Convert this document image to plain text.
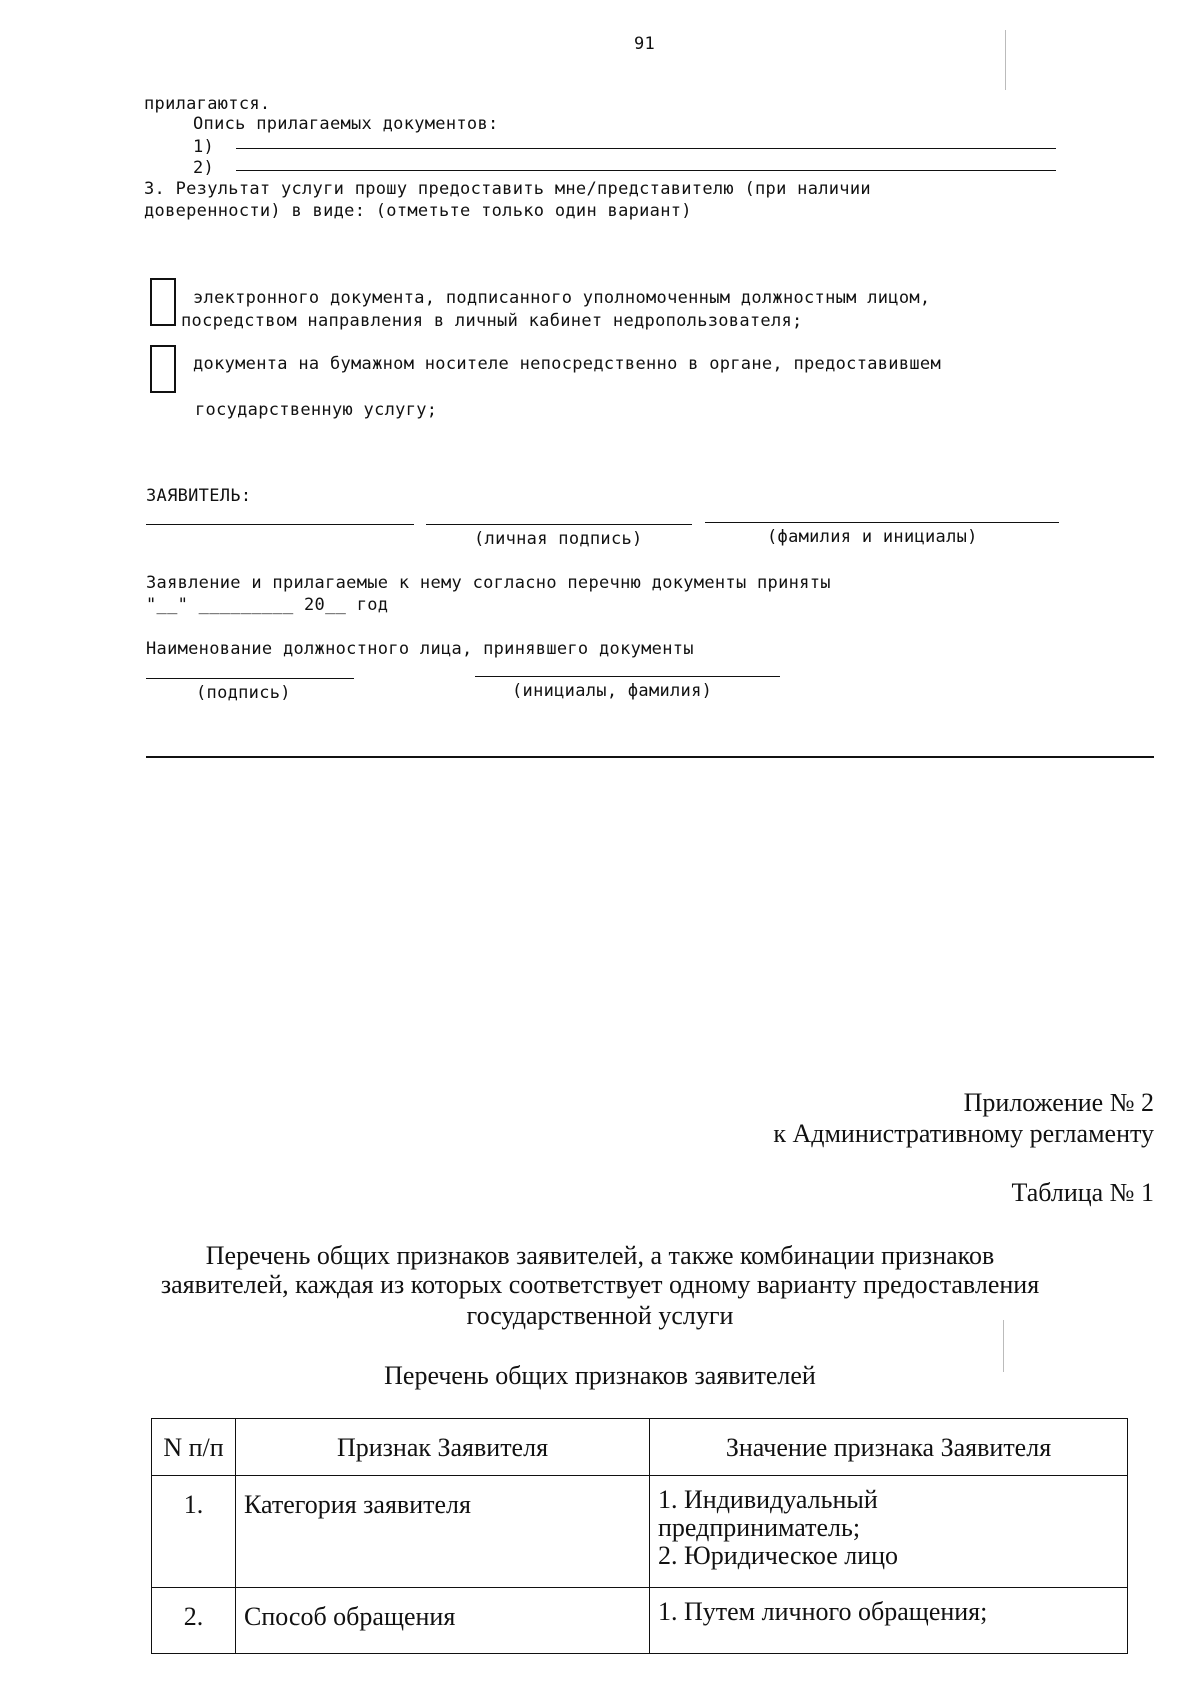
91
прилагаются.
Опись прилагаемых документов:
1)
2)
3. Результат услуги прошу предоставить мне/представителю (при наличии
доверенности) в виде: (отметьте только один вариант)
электронного документа, подписанного уполномоченным должностным лицом,
посредством направления в личный кабинет недропользователя;
документа на бумажном носителе непосредственно в органе, предоставившем
государственную услугу;
ЗАЯВИТЕЛЬ:
(личная подпись)	(фамилия и инициалы)
Заявление и прилагаемые к нему согласно перечню документы приняты
"__" _________ 20__ год
Наименование должностного лица, принявшего документы
(подпись)	(инициалы, фамилия)
Приложение № 2
к Административному регламенту
Таблица № 1
Перечень общих признаков заявителей, а также комбинации признаков
заявителей, каждая из которых соответствует одному варианту предоставления
государственной услуги
Перечень общих признаков заявителей
N п/п	Признак Заявителя	Значение признака Заявителя
1.	Категория заявителя	1. Индивидуальный
предприниматель;
2. Юридическое лицо

2.	Способ обращения	1. Путем личного обращения;
